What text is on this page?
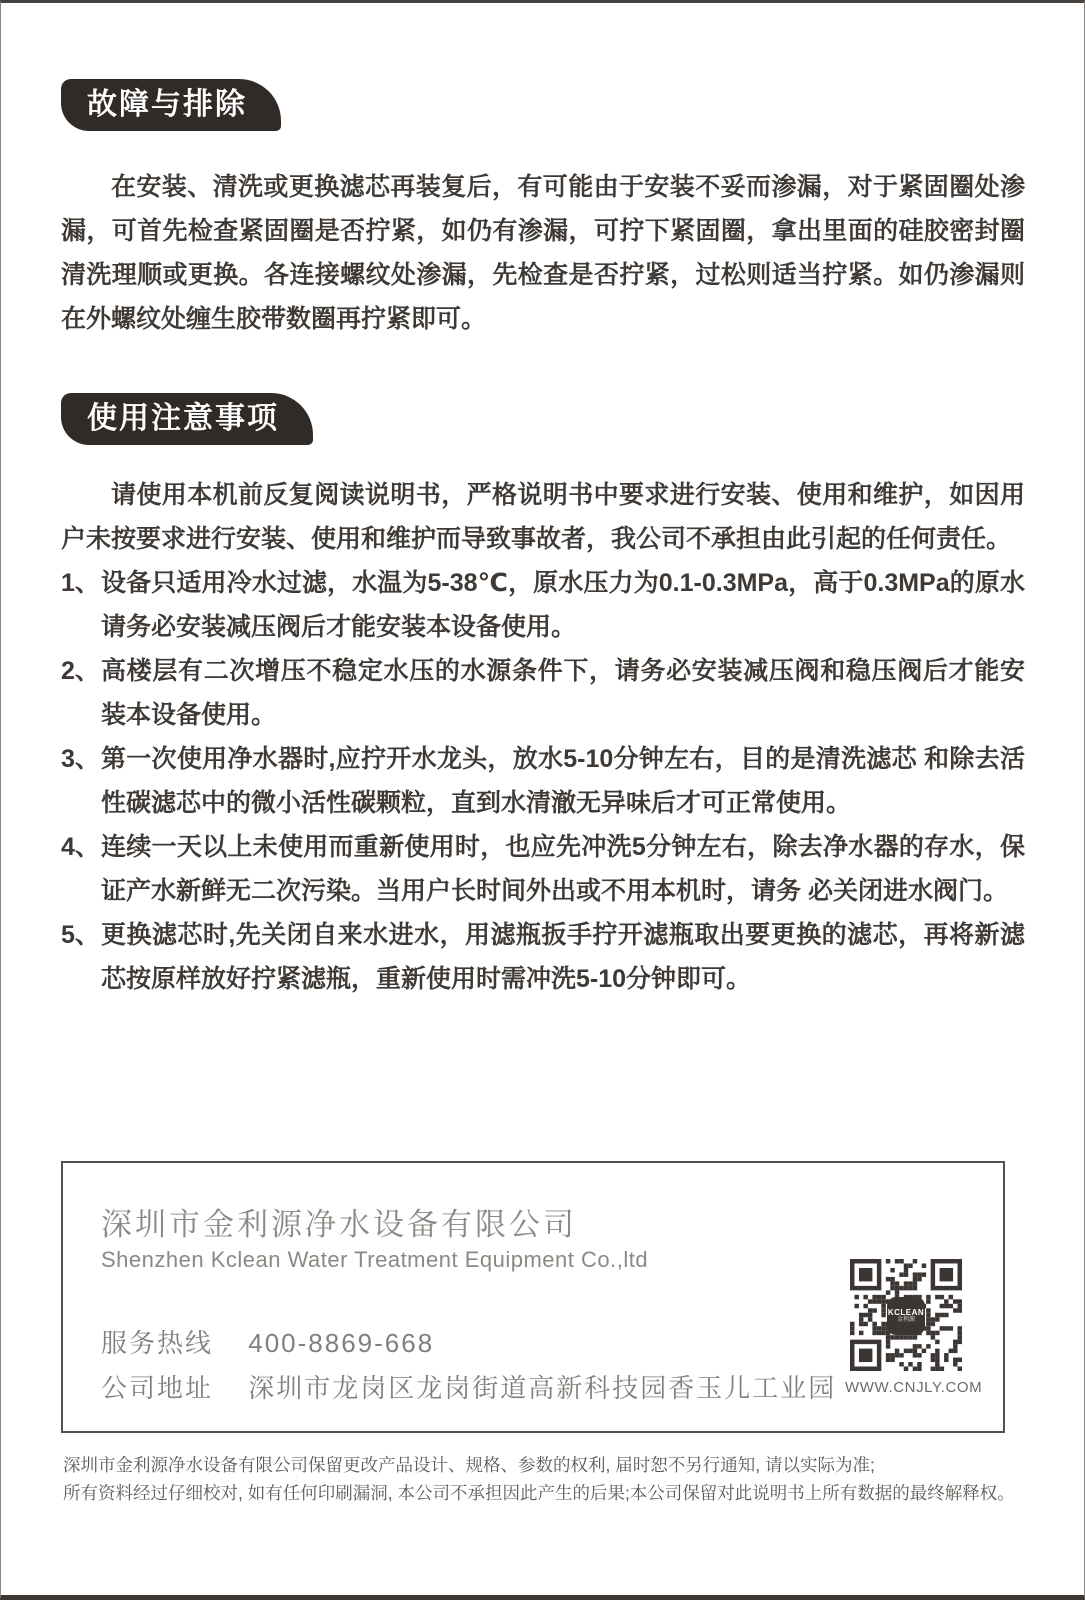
故障与排除

在安装、清洗或更换滤芯再装复后，有可能由于安装不妥而渗漏，对于紧固圈处渗漏，可首先检查紧固圈是否拧紧，如仍有渗漏，可拧下紧固圈，拿出里面的硅胶密封圈清洗理顺或更换。各连接螺纹处渗漏，先检查是否拧紧，过松则适当拧紧。如仍渗漏则在外螺纹处缠生胶带数圈再拧紧即可。

使用注意事项

请使用本机前反复阅读说明书，严格说明书中要求进行安装、使用和维护，如因用户未按要求进行安装、使用和维护而导致事故者，我公司不承担由此引起的任何责任。

1、 设备只适用冷水过滤，水温为5-38℃，原水压力为0.1-0.3MPa，高于0.3MPa的原水请务必安装减压阀后才能安装本设备使用。
2、 高楼层有二次增压不稳定水压的水源条件下，请务必安装减压阀和稳压阀后才能安装本设备使用。
3、 第一次使用净水器时,应拧开水龙头，放水5-10分钟左右，目的是清洗滤芯 和除去活性碳滤芯中的微小活性碳颗粒，直到水清澈无异味后才可正常使用。
4、 连续一天以上未使用而重新使用时，也应先冲洗5分钟左右，除去净水器的存水，保证产水新鲜无二次污染。当用户长时间外出或不用本机时，请务 必关闭进水阀门。
5、 更换滤芯时,先关闭自来水进水，用滤瓶扳手拧开滤瓶取出要更换的滤芯，再将新滤芯按原样放好拧紧滤瓶，重新使用时需冲洗5-10分钟即可。
深圳市金利源净水设备有限公司
Shenzhen Kclean Water Treatment Equipment Co.,ltd
服务热线 400-8869-668
公司地址 深圳市龙岗区龙岗街道高新科技园香玉儿工业园
KCLEAN
金利源
WWW.CNJLY.COM
深圳市金利源净水设备有限公司保留更改产品设计、规格、参数的权利, 届时恕不另行通知, 请以实际为准;
所有资料经过仔细校对, 如有任何印刷漏洞, 本公司不承担因此产生的后果;本公司保留对此说明书上所有数据的最终解释权。
